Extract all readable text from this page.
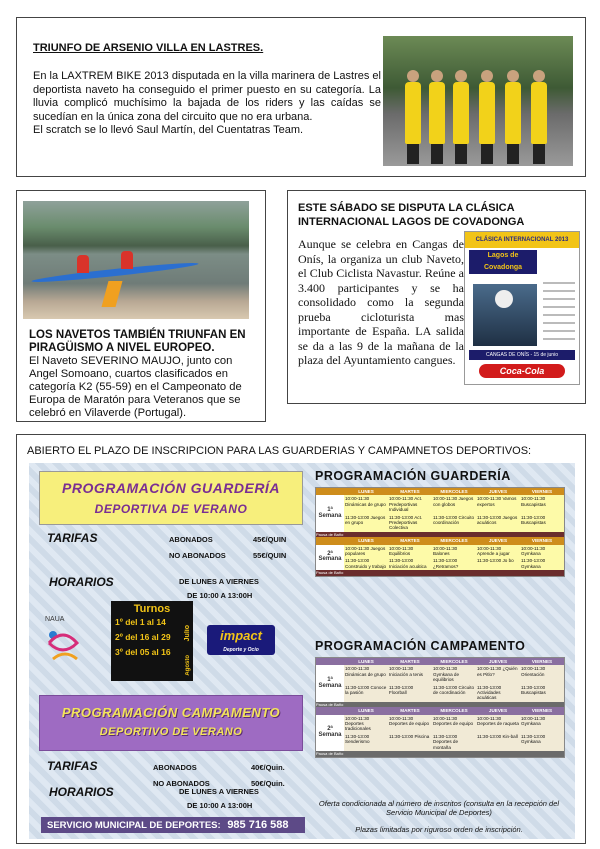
TRIUNFO DE ARSENIO VILLA EN LASTRES.
En la LAXTREM BIKE 2013 disputada en la villa marinera de Lastres el deportista naveto ha conseguido el primer puesto en su categoría. La lluvia complicó muchísimo la bajada de los riders y las caídas se sucedían en la única zona del circuito que no era urbana.
El scratch se lo llevó Saul Martín, del Cuentatras Team.
LOS NAVETOS TAMBIÉN TRIUNFAN EN PIRAGÜISMO A NIVEL EUROPEO.
El Naveto SEVERINO MAUJO, junto con Angel Somoano, cuartos clasificados en categoría K2 (55-59) en el Campeonato de Europa de Maratón para Veteranos que se celebró en Vilaverde (Portugal).
ESTE SÁBADO SE DISPUTA LA CLÁSICA INTERNACIONAL LAGOS DE COVADONGA
Aunque se celebra en Cangas de Onís, la organiza un club Naveto, el Club Ciclista Navastur. Reúne a 3.400 participantes y se ha consolidado como la segunda prueba cicloturista mas importante de España. LA salida se da a las 9 de la mañana de la plaza del Ayuntamiento cangues.
CLÁSICA INTERNACIONAL 2013
Lagos de Covadonga
CANGAS DE ONÍS - 15 de junio
Coca-Cola
ABIERTO EL PLAZO DE INSCRIPCION PARA LAS GUARDERIAS Y CAMPAMNETOS DEPORTIVOS:
PROGRAMACIÓN GUARDERÍA
DEPORTIVA DE VERANO
TARIFAS	ABONADOS	45€/QUIN
NO ABONADOS	55€/QUIN
HORARIOS	DE LUNES A VIERNES
DE 10:00 A 13:00H
NAUA
Turnos
1º del 1 al 14
2º del 16 al 29
3º del 05 al 16
Julio
Agosto
impact
Deporte y Ocio
PROGRAMACIÓN CAMPAMENTO
DEPORTIVO DE VERANO
TARIFAS	ABONADOS	40€/Quin.
NO ABONADOS	50€/Quin.
HORARIOS	DE LUNES A VIERNES
DE 10:00 A 13:00H
SERVICIO MUNICIPAL DE DEPORTES: 985 716 588
PROGRAMACIÓN GUARDERÍA
	LUNES	MARTES	MIERCOLES	JUEVES	VIERNES
1ª Semana	10:00-11:30 Dinámicas de grupo	10:00-11:30 Act. Predeportivas Individual	10:00-11:30 Juegos con globos	10:00-11:30 Vamos expertos	10:00-11:30 Buscapistas
	11:30-13:00 Juegos en grupo	11:30-13:00 Act. Predeportivas Colectiva	11:30-13:00 Circuito coordinación	11:30-13:00 Juegos acuáticos	11:30-13:00 Buscapistas
Pausa de Baño					
	LUNES	MARTES	MIERCOLES	JUEVES	VIERNES
2ª Semana	10:00-11:30 Juegos populares	10:00-11:30 Equilibrios	10:00-11:30 Balones	10:00-11:30 Aprende a jugar	10:00-11:30 Gymkana
	11:30-13:00 Construido y trabajo	11:30-13:00 Iniciación acuática	11:30-13:00 ¿Retramos?	11:30-13:00 Jo bo	11:30-13:00 Gymkana
Pausa de Baño					
PROGRAMACIÓN CAMPAMENTO
	LUNES	MARTES	MIERCOLES	JUEVES	VIERNES
1ª Semana	10:00-11:30 Dinámicas de grupo	10:00-11:30 Iniciación a tenis	10:00-11:30 Gymkana de equilibrios	10:00-11:30 ¿Quién es Pitlo?	10:00-11:30 Orientación
	11:30-13:00 Conoce la pasión	11:30-13:00 Floorball	11:30-13:00 Circuito de coordinación	11:30-13:00 Actividades acuáticas	11:30-13:00 Buscapistas
Pausa de Baño					
	LUNES	MARTES	MIERCOLES	JUEVES	VIERNES
2ª Semana	10:00-11:30 Deportes tradicionales	10:00-11:30 Deportes de equipo	10:00-11:30 Deportes de equipo	10:00-11:30 Deportes de raqueta	10:00-11:30 Gymkana
	11:30-13:00 Senderismo	11:30-13:00 Piscina	11:30-13:00 Deportes de montaña	11:30-13:00 Kin-ball	11:30-13:00 Gymkana
Pausa de Baño					
Oferta condicionada al número de inscritos (consulta en la recepción del Servicio Municipal de Deportes)
Plazas limitadas por riguroso orden de inscripción.
